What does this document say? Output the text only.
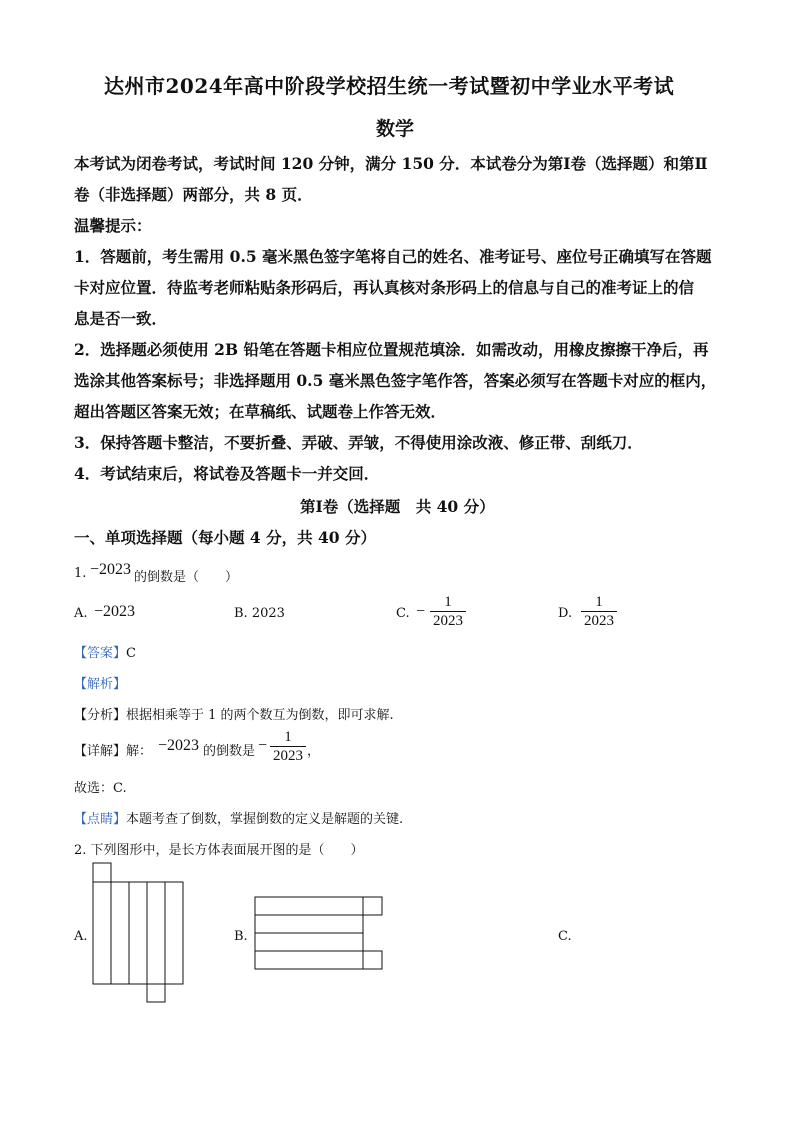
达州市2024年高中阶段学校招生统一考试暨初中学业水平考试
数学
本考试为闭卷考试，考试时间 120 分钟，满分 150 分．本试卷分为第Ⅰ卷（选择题）和第Ⅱ
卷（非选择题）两部分，共 8 页．
温馨提示：
1．答题前，考生需用 0.5 毫米黑色签字笔将自己的姓名、准考证号、座位号正确填写在答题
卡对应位置．待监考老师粘贴条形码后，再认真核对条形码上的信息与自己的准考证上的信
息是否一致．
2．选择题必须使用 2B 铅笔在答题卡相应位置规范填涂．如需改动，用橡皮擦擦干净后，再
选涂其他答案标号；非选择题用 0.5 毫米黑色签字笔作答，答案必须写在答题卡对应的框内，
超出答题区答案无效；在草稿纸、试题卷上作答无效．
3．保持答题卡整洁，不要折叠、弄破、弄皱，不得使用涂改液、修正带、刮纸刀．
4．考试结束后，将试卷及答题卡一并交回．
第Ⅰ卷（选择题　共 40 分）
一、单项选择题（每小题 4 分，共 40 分）
1. −2023 的倒数是（　　）
A. −2023	B. 2023	C. −
1
2023	D.
1
2023
【答案】C
【解析】
【分析】根据相乘等于 1 的两个数互为倒数，即可求解.
【详解】解： −2023 的倒数是 −	1
2023 ，
故选：C.
【点睛】本题考查了倒数，掌握倒数的定义是解题的关键.
2. 下列图形中，是长方体表面展开图的是（　　）
A.	B.	C.
